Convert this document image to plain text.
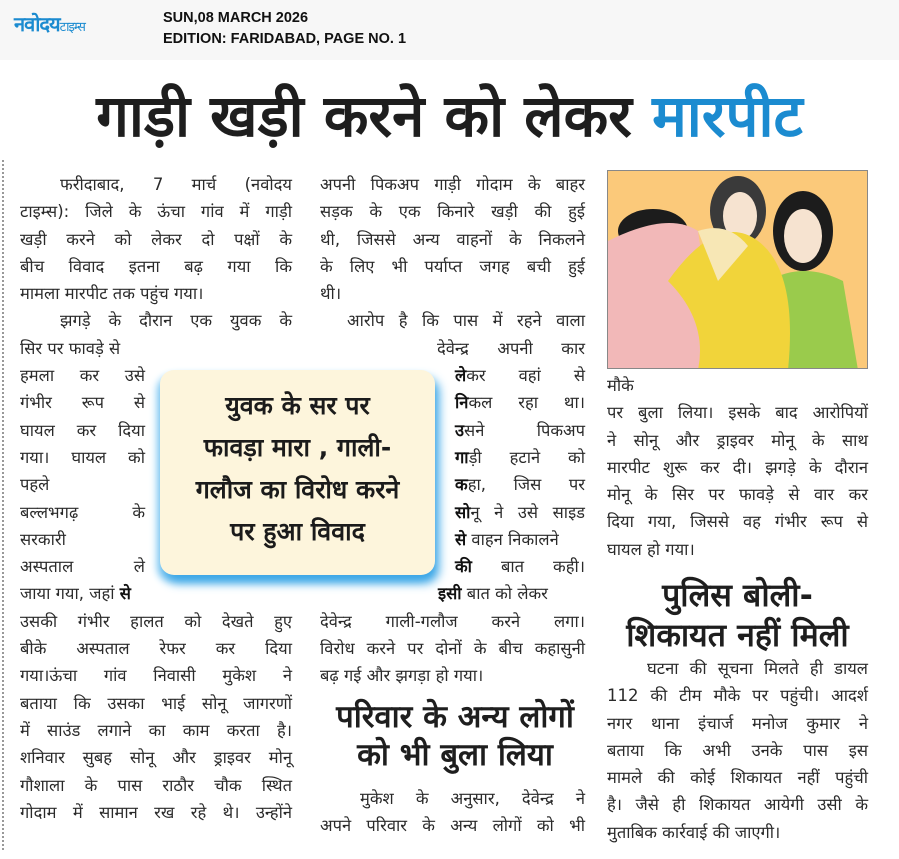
नवोदयटाइम्स
SUN,08 MARCH 2026
EDITION: FARIDABAD, PAGE NO. 1
गाड़ी खड़ी करने को लेकर मारपीट
फरीदाबाद, 7 मार्च (नवोदय
टाइम्स): जिले के ऊंचा गांव में गाड़ी
खड़ी करने को लेकर दो पक्षों के
बीच विवाद इतना बढ़ गया कि
मामला मारपीट तक पहुंच गया।
झगड़े के दौरान एक युवक के
सिर पर फावड़े से
हमला कर उसे
गंभीर रूप से
घायल कर दिया
गया। घायल को
पहले
बल्लभगढ़ के
सरकारी
अस्पताल ले
जाया गया, जहां से
उसकी गंभीर हालत को देखते हुए
बीके अस्पताल रेफर कर दिया
गया।ऊंचा गांव निवासी मुकेश ने
बताया कि उसका भाई सोनू जागरणों
में साउंड लगाने का काम करता है।
शनिवार सुबह सोनू और ड्राइवर मोनू
गौशाला के पास राठौर चौक स्थित
गोदाम में सामान रख रहे थे। उन्होंने
युवक के सर पर
फावड़ा मारा , गाली-
गलौज का विरोध करने
पर हुआ विवाद
अपनी पिकअप गाड़ी गोदाम के बाहर
सड़क के एक किनारे खड़ी की हुई
थी, जिससे अन्य वाहनों के निकलने
के लिए भी पर्याप्त जगह बची हुई
थी।
आरोप है कि पास में रहने वाला
देवेन्द्र अपनी कार
लेकर वहां से
निकल रहा था।
उसने पिकअप
गाड़ी हटाने को
कहा, जिस पर
सोनू ने उसे साइड
से वाहन निकालने
की बात कही।
इसी बात को लेकर
देवेन्द्र गाली-गलौज करने लगा।
विरोध करने पर दोनों के बीच कहासुनी
बढ़ गई और झगड़ा हो गया।
परिवार के अन्य लोगों
को भी बुला लिया
मुकेश के अनुसार, देवेन्द्र ने
अपने परिवार के अन्य लोगों को भी
मौके
पर बुला लिया। इसके बाद आरोपियों
ने सोनू और ड्राइवर मोनू के साथ
मारपीट शुरू कर दी। झगड़े के दौरान
मोनू के सिर पर फावड़े से वार कर
दिया गया, जिससे वह गंभीर रूप से
घायल हो गया।
पुलिस बोली-
शिकायत नहीं मिली
घटना की सूचना मिलते ही डायल
112 की टीम मौके पर पहुंची। आदर्श
नगर थाना इंचार्ज मनोज कुमार ने
बताया कि अभी उनके पास इस
मामले की कोई शिकायत नहीं पहुंची
है। जैसे ही शिकायत आयेगी उसी के
मुताबिक कार्रवाई की जाएगी।
